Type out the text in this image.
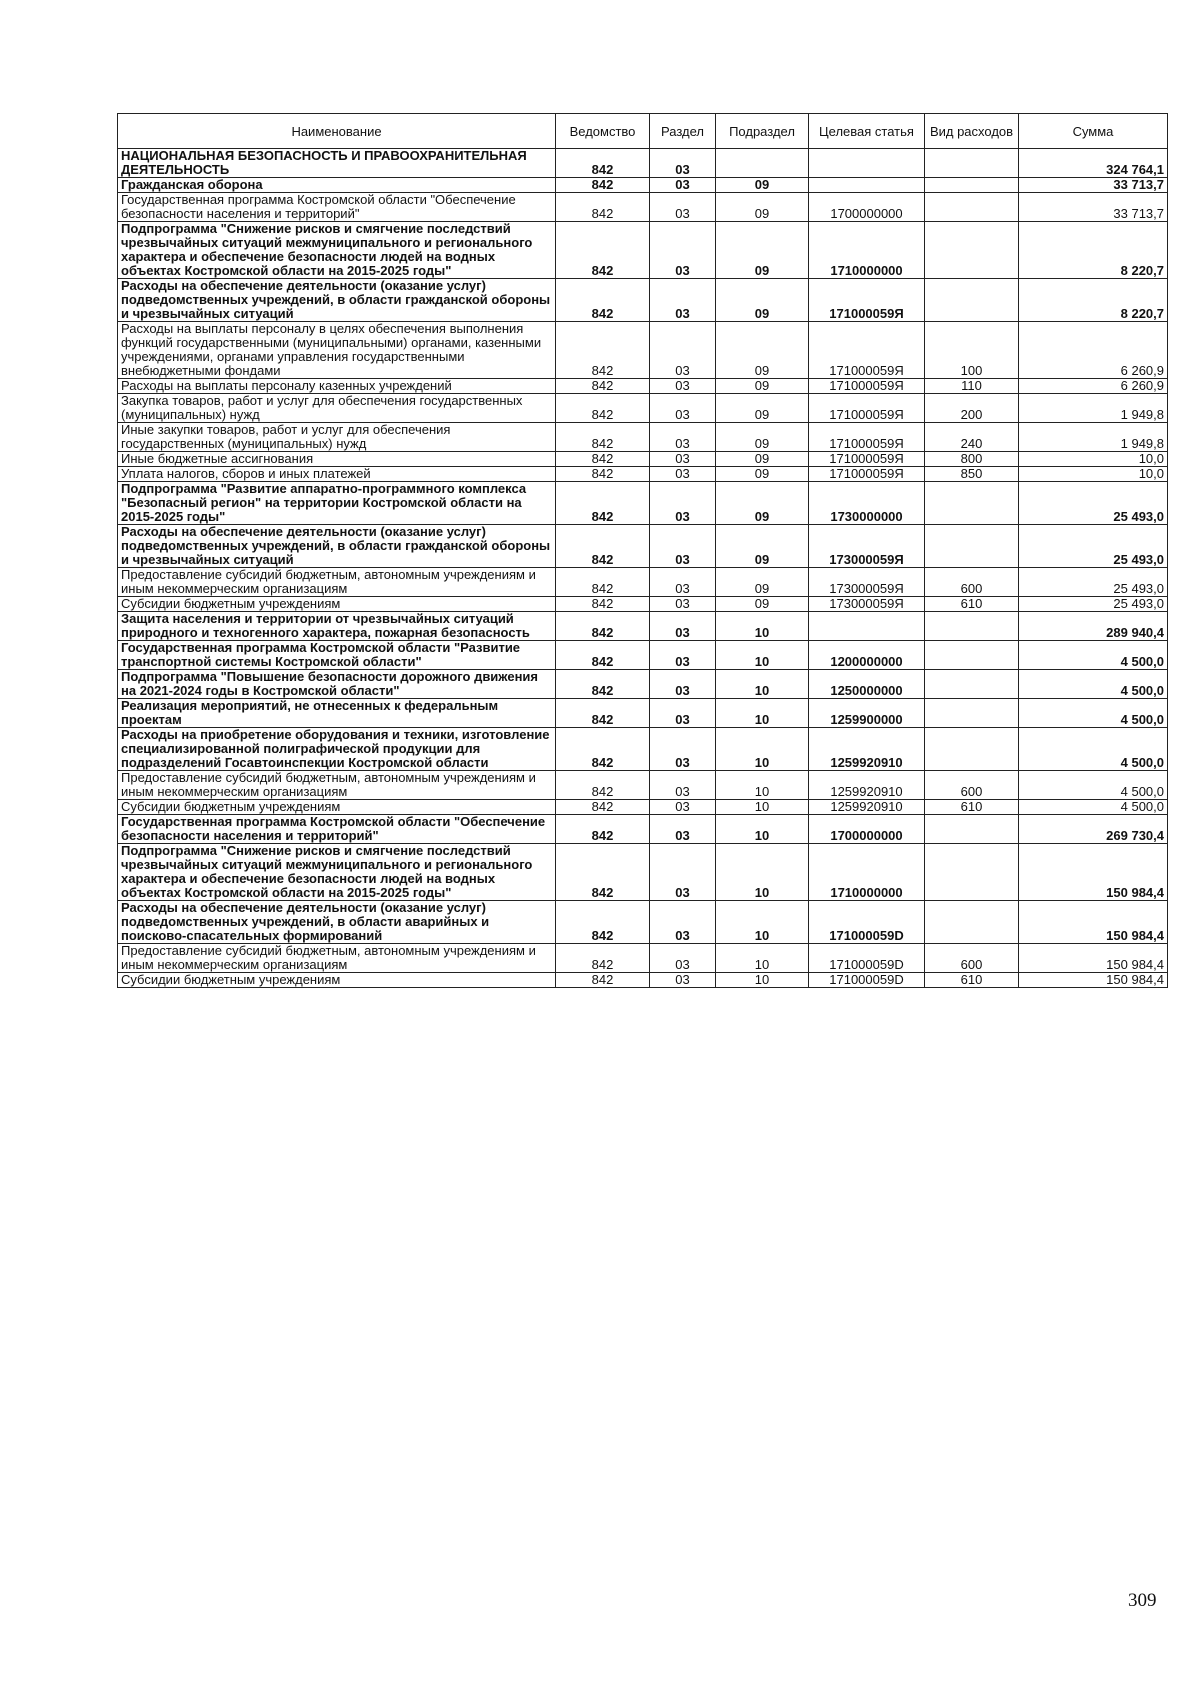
Наименование	Ведомство	Раздел	Подраздел	Целевая статья	Вид расходов	Сумма
НАЦИОНАЛЬНАЯ БЕЗОПАСНОСТЬ И ПРАВООХРАНИТЕЛЬНАЯ ДЕЯТЕЛЬНОСТЬ	842	03				324 764,1
Гражданская оборона	842	03	09			33 713,7
Государственная программа Костромской области "Обеспечение безопасности населения и территорий"	842	03	09	1700000000		33 713,7
Подпрограмма "Снижение рисков и смягчение последствий чрезвычайных ситуаций межмуниципального и регионального характера и обеспечение безопасности людей на водных объектах Костромской области на 2015-2025 годы"	842	03	09	1710000000		8 220,7
Расходы на обеспечение деятельности (оказание услуг) подведомственных учреждений, в области гражданской обороны и чрезвычайных ситуаций	842	03	09	171000059Я		8 220,7
Расходы на выплаты персоналу в целях обеспечения выполнения функций государственными (муниципальными) органами, казенными учреждениями, органами управления государственными внебюджетными фондами	842	03	09	171000059Я	100	6 260,9
Расходы на выплаты персоналу казенных учреждений	842	03	09	171000059Я	110	6 260,9
Закупка товаров, работ и услуг для обеспечения государственных (муниципальных) нужд	842	03	09	171000059Я	200	1 949,8
Иные закупки товаров, работ и услуг для обеспечения государственных (муниципальных) нужд	842	03	09	171000059Я	240	1 949,8
Иные бюджетные ассигнования	842	03	09	171000059Я	800	10,0
Уплата налогов, сборов и иных платежей	842	03	09	171000059Я	850	10,0
Подпрограмма "Развитие аппаратно-программного комплекса "Безопасный регион" на территории Костромской области на 2015-2025 годы"	842	03	09	1730000000		25 493,0
Расходы на обеспечение деятельности (оказание услуг) подведомственных учреждений, в области гражданской обороны и чрезвычайных ситуаций	842	03	09	173000059Я		25 493,0
Предоставление субсидий бюджетным, автономным учреждениям и иным некоммерческим организациям	842	03	09	173000059Я	600	25 493,0
Субсидии бюджетным учреждениям	842	03	09	173000059Я	610	25 493,0
Защита населения и территории от чрезвычайных ситуаций природного и техногенного характера, пожарная безопасность	842	03	10			289 940,4
Государственная программа Костромской области "Развитие транспортной системы Костромской области"	842	03	10	1200000000		4 500,0
Подпрограмма "Повышение безопасности дорожного движения на 2021-2024 годы в Костромской области"	842	03	10	1250000000		4 500,0
Реализация мероприятий, не отнесенных к федеральным проектам	842	03	10	1259900000		4 500,0
Расходы на приобретение оборудования и техники, изготовление специализированной полиграфической продукции для подразделений Госавтоинспекции Костромской области	842	03	10	1259920910		4 500,0
Предоставление субсидий бюджетным, автономным учреждениям и иным некоммерческим организациям	842	03	10	1259920910	600	4 500,0
Субсидии бюджетным учреждениям	842	03	10	1259920910	610	4 500,0
Государственная программа Костромской области "Обеспечение безопасности населения и территорий"	842	03	10	1700000000		269 730,4
Подпрограмма "Снижение рисков и смягчение последствий чрезвычайных ситуаций межмуниципального и регионального характера и обеспечение безопасности людей на водных объектах Костромской области на 2015-2025 годы"	842	03	10	1710000000		150 984,4
Расходы на обеспечение деятельности (оказание услуг) подведомственных учреждений, в области аварийных и поисково-спасательных формирований	842	03	10	171000059D		150 984,4
Предоставление субсидий бюджетным, автономным учреждениям и иным некоммерческим организациям	842	03	10	171000059D	600	150 984,4
Субсидии бюджетным учреждениям	842	03	10	171000059D	610	150 984,4
309
